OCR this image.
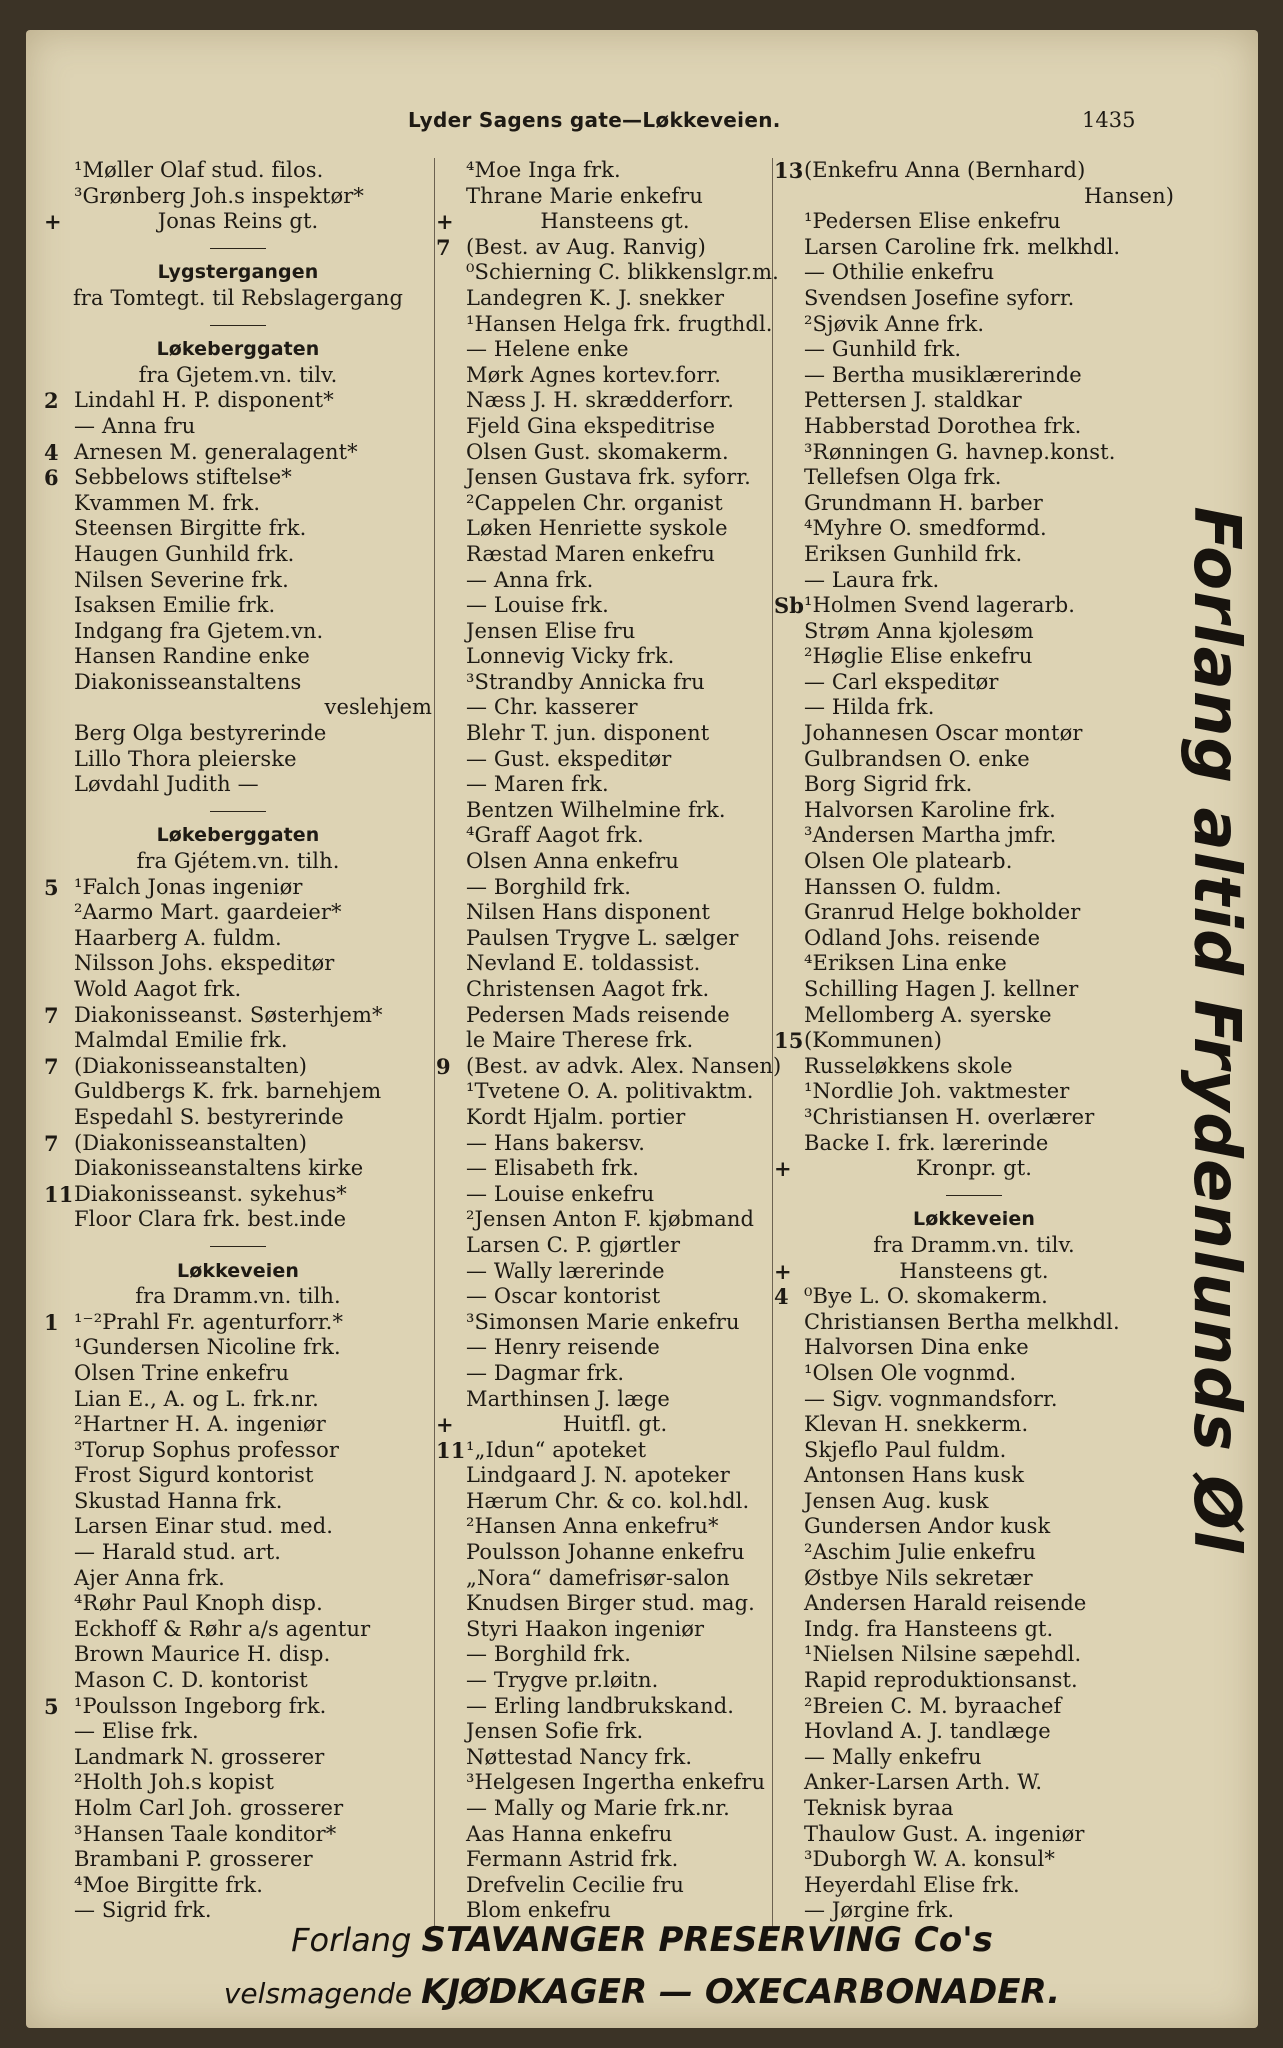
Lyder Sagens gate—Løkkeveien.	1435
¹Møller Olaf stud. filos.
³Grønberg Joh.s inspektør*
+	Jonas Reins gt.
Lygstergangen
fra Tomtegt. til Rebslagergang
Løkeberggaten
fra Gjetem.vn. tilv.
2 Lindahl H. P. disponent*
— Anna fru
4 Arnesen M. generalagent*
6 Sebbelows stiftelse*
Kvammen M. frk.
Steensen Birgitte frk.
Haugen Gunhild frk.
Nilsen Severine frk.
Isaksen Emilie frk.
Indgang fra Gjetem.vn.
Hansen Randine enke
Diakonisseanstaltens
veslehjem
Berg Olga bestyrerinde
Lillo Thora pleierske
Løvdahl Judith —
Løkeberggaten
fra Gjétem.vn. tilh.
5 ¹Falch Jonas ingeniør
²Aarmo Mart. gaardeier*
Haarberg A. fuldm.
Nilsson Johs. ekspeditør
Wold Aagot frk.
7 Diakonisseanst. Søsterhjem*
Malmdal Emilie frk.
7 (Diakonisseanstalten)
Guldbergs K. frk. barnehjem
Espedahl S. bestyrerinde
7 (Diakonisseanstalten)
Diakonisseanstaltens kirke
11 Diakonisseanst. sykehus*
Floor Clara frk. best.inde
Løkkeveien
fra Dramm.vn. tilh.
1 ¹⁻²Prahl Fr. agenturforr.*
¹Gundersen Nicoline frk.
Olsen Trine enkefru
Lian E., A. og L. frk.nr.
²Hartner H. A. ingeniør
³Torup Sophus professor
Frost Sigurd kontorist
Skustad Hanna frk.
Larsen Einar stud. med.
— Harald stud. art.
Ajer Anna frk.
⁴Røhr Paul Knoph disp.
Eckhoff & Røhr a/s agentur
Brown Maurice H. disp.
Mason C. D. kontorist
5 ¹Poulsson Ingeborg frk.
— Elise frk.
Landmark N. grosserer
²Holth Joh.s kopist
Holm Carl Joh. grosserer
³Hansen Taale konditor*
Brambani P. grosserer
⁴Moe Birgitte frk.
— Sigrid frk.
⁴Moe Inga frk.
Thrane Marie enkefru
+	Hansteens gt.
7 (Best. av Aug. Ranvig)
⁰Schierning C. blikkenslgr.m.
Landegren K. J. snekker
¹Hansen Helga frk. frugthdl.
— Helene enke
Mørk Agnes kortev.forr.
Næss J. H. skrædderforr.
Fjeld Gina ekspeditrise
Olsen Gust. skomakerm.
Jensen Gustava frk. syforr.
²Cappelen Chr. organist
Løken Henriette syskole
Ræstad Maren enkefru
— Anna frk.
— Louise frk.
Jensen Elise fru
Lonnevig Vicky frk.
³Strandby Annicka fru
— Chr. kasserer
Blehr T. jun. disponent
— Gust. ekspeditør
— Maren frk.
Bentzen Wilhelmine frk.
⁴Graff Aagot frk.
Olsen Anna enkefru
— Borghild frk.
Nilsen Hans disponent
Paulsen Trygve L. sælger
Nevland E. toldassist.
Christensen Aagot frk.
Pedersen Mads reisende
le Maire Therese frk.
9 (Best. av advk. Alex. Nansen)
¹Tvetene O. A. politivaktm.
Kordt Hjalm. portier
— Hans bakersv.
— Elisabeth frk.
— Louise enkefru
²Jensen Anton F. kjøbmand
Larsen C. P. gjørtler
— Wally lærerinde
— Oscar kontorist
³Simonsen Marie enkefru
— Henry reisende
— Dagmar frk.
Marthinsen J. læge
+	Huitfl. gt.
11 ¹„Idun“ apoteket
Lindgaard J. N. apoteker
Hærum Chr. & co. kol.hdl.
²Hansen Anna enkefru*
Poulsson Johanne enkefru
„Nora“ damefrisør-salon
Knudsen Birger stud. mag.
Styri Haakon ingeniør
— Borghild frk.
— Trygve pr.løitn.
— Erling landbrukskand.
Jensen Sofie frk.
Nøttestad Nancy frk.
³Helgesen Ingertha enkefru
— Mally og Marie frk.nr.
Aas Hanna enkefru
Fermann Astrid frk.
Drefvelin Cecilie fru
Blom enkefru
13 (Enkefru Anna (Bernhard)
Hansen)
¹Pedersen Elise enkefru
Larsen Caroline frk. melkhdl.
— Othilie enkefru
Svendsen Josefine syforr.
²Sjøvik Anne frk.
— Gunhild frk.
— Bertha musiklærerinde
Pettersen J. staldkar
Habberstad Dorothea frk.
³Rønningen G. havnep.konst.
Tellefsen Olga frk.
Grundmann H. barber
⁴Myhre O. smedformd.
Eriksen Gunhild frk.
— Laura frk.
Sb ¹Holmen Svend lagerarb.
Strøm Anna kjolesøm
²Høglie Elise enkefru
— Carl ekspeditør
— Hilda frk.
Johannesen Oscar montør
Gulbrandsen O. enke
Borg Sigrid frk.
Halvorsen Karoline frk.
³Andersen Martha jmfr.
Olsen Ole platearb.
Hanssen O. fuldm.
Granrud Helge bokholder
Odland Johs. reisende
⁴Eriksen Lina enke
Schilling Hagen J. kellner
Mellomberg A. syerske
15 (Kommunen)
Russeløkkens skole
¹Nordlie Joh. vaktmester
³Christiansen H. overlærer
Backe I. frk. lærerinde
+	Kronpr. gt.
Løkkeveien
fra Dramm.vn. tilv.
+	Hansteens gt.
4 ⁰Bye L. O. skomakerm.
Christiansen Bertha melkhdl.
Halvorsen Dina enke
¹Olsen Ole vognmd.
— Sigv. vognmandsforr.
Klevan H. snekkerm.
Skjeflo Paul fuldm.
Antonsen Hans kusk
Jensen Aug. kusk
Gundersen Andor kusk
²Aschim Julie enkefru
Østbye Nils sekretær
Andersen Harald reisende
Indg. fra Hansteens gt.
¹Nielsen Nilsine sæpehdl.
Rapid reproduktionsanst.
²Breien C. M. byraachef
Hovland A. J. tandlæge
— Mally enkefru
Anker-Larsen Arth. W.
Teknisk byraa
Thaulow Gust. A. ingeniør
³Duborgh W. A. konsul*
Heyerdahl Elise frk.
— Jørgine frk.
Forlang altid Frydenlunds Øl
Forlang STAVANGER PRESERVING Co's
velsmagende KJØDKAGER — OXECARBONADER.
